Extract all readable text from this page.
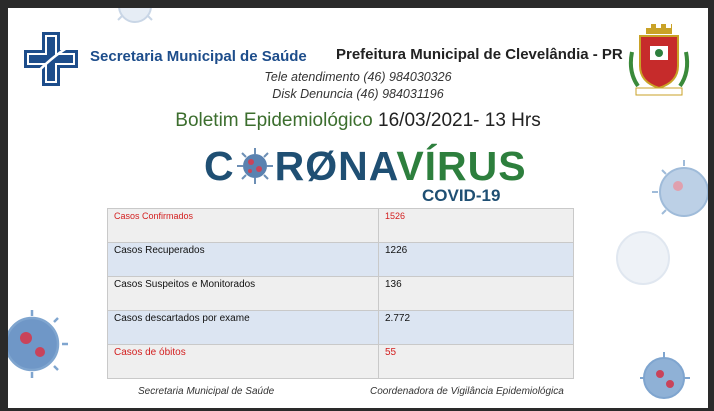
Secretaria Municipal de Saúde Prefeitura Municipal de Clevelândia - PR
Tele atendimento (46) 984030326
Disk Denuncia (46) 984031196
Boletim Epidemiológico 16/03/2021- 13 Hrs
C RØNAVÍRUS
COVID-19
Casos Confirmados	1526
Casos Recuperados	1226
Casos Suspeitos e Monitorados	136
Casos descartados por exame	2.772
Casos de óbitos	55
Secretaria Municipal de Saúde	Coordenadora de Vigilância Epidemiológica
